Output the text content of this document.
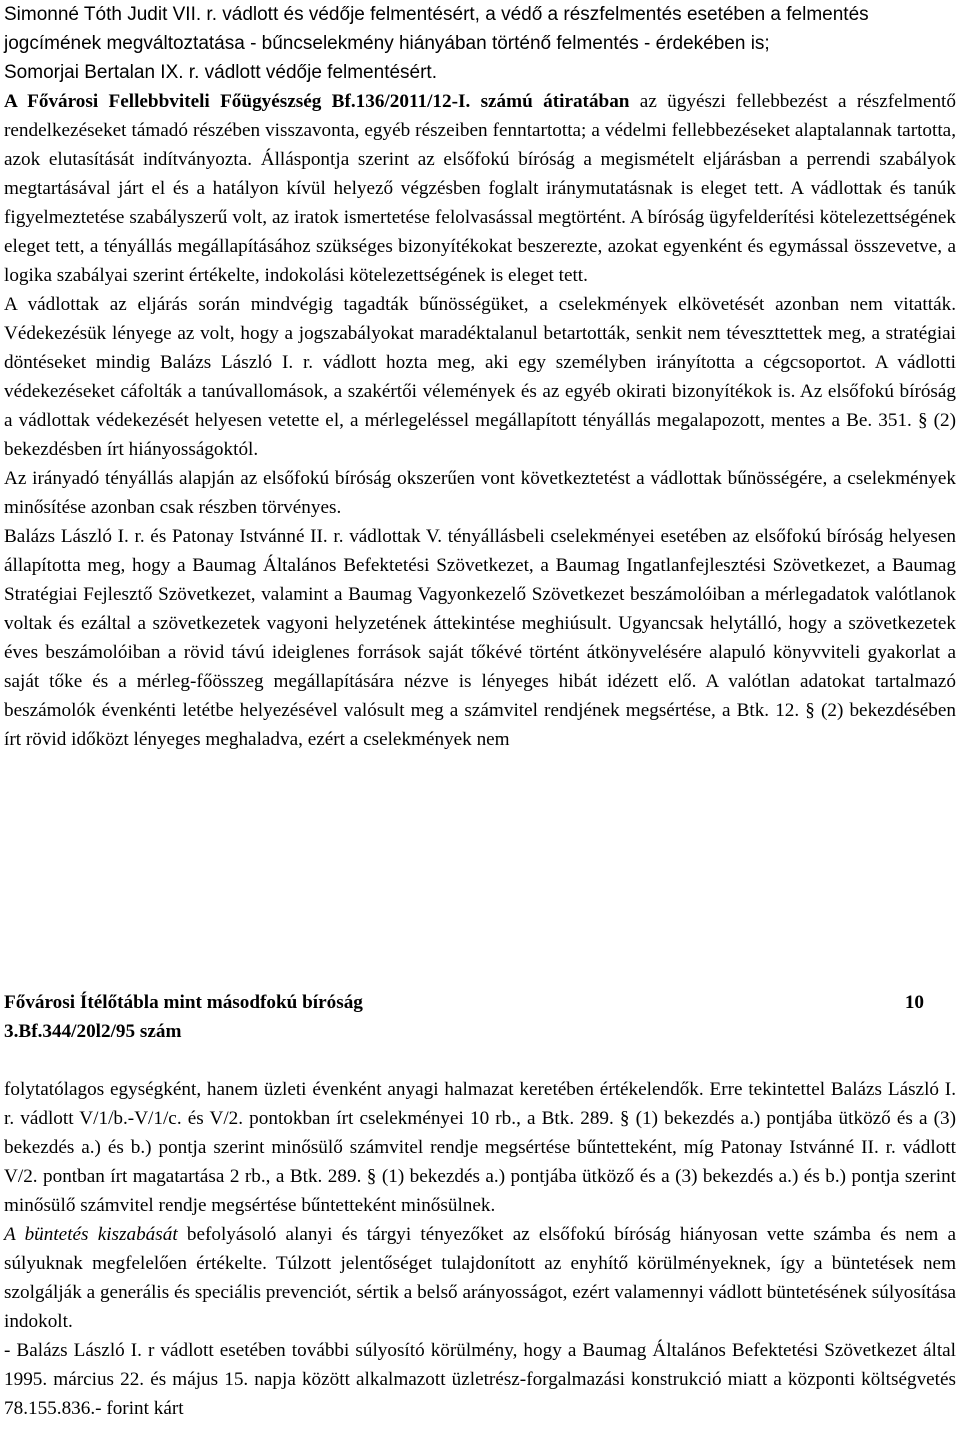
Simonné Tóth Judit VII. r. vádlott és védője felmentésért, a védő a részfelmentés esetében a felmentés jogcímének megváltoztatása - bűncselekmény hiányában történő felmentés - érdekében is;

Somorjai Bertalan IX. r. vádlott védője felmentésért.

A Fővárosi Fellebbviteli Főügyészség Bf.136/2011/12-I. számú átiratában az ügyészi fellebbezést a részfelmentő rendelkezéseket támadó részében visszavonta, egyéb részeiben fenntartotta; a védelmi fellebbezéseket alaptalannak tartotta, azok elutasítását indítványozta. Álláspontja szerint az elsőfokú bíróság a megismételt eljárásban a perrendi szabályok megtartásával járt el és a hatályon kívül helyező végzésben foglalt iránymutatásnak is eleget tett. A vádlottak és tanúk figyelmeztetése szabályszerű volt, az iratok ismertetése felolvasással megtörtént. A bíróság ügyfelderítési kötelezettségének eleget tett, a tényállás megállapításához szükséges bizonyítékokat beszerezte, azokat egyenként és egymással összevetve, a logika szabályai szerint értékelte, indokolási kötelezettségének is eleget tett.

A vádlottak az eljárás során mindvégig tagadták bűnösségüket, a cselekmények elkövetését azonban nem vitatták. Védekezésük lényege az volt, hogy a jogszabályokat maradéktalanul betartották, senkit nem téveszttettek meg, a stratégiai döntéseket mindig Balázs László I. r. vádlott hozta meg, aki egy személyben irányította a cégcsoportot. A vádlotti védekezéseket cáfolták a tanúvallomások, a szakértői vélemények és az egyéb okirati bizonyítékok is. Az elsőfokú bíróság a vádlottak védekezését helyesen vetette el, a mérlegeléssel megállapított tényállás megalapozott, mentes a Be. 351. § (2) bekezdésben írt hiányosságoktól.

Az irányadó tényállás alapján az elsőfokú bíróság okszerűen vont következtetést a vádlottak bűnösségére, a cselekmények minősítése azonban csak részben törvényes.

Balázs László I. r. és Patonay Istvánné II. r. vádlottak V. tényállásbeli cselekményei esetében az elsőfokú bíróság helyesen állapította meg, hogy a Baumag Általános Befektetési Szövetkezet, a Baumag Ingatlanfejlesztési Szövetkezet, a Baumag Stratégiai Fejlesztő Szövetkezet, valamint a Baumag Vagyonkezelő Szövetkezet beszámolóiban a mérlegadatok valótlanok voltak és ezáltal a szövetkezetek vagyoni helyzetének áttekintése meghiúsult. Ugyancsak helytálló, hogy a szövetkezetek éves beszámolóiban a rövid távú ideiglenes források saját tőkévé történt átkönyvelésére alapuló könyvviteli gyakorlat a saját tőke és a mérleg-főösszeg megállapítására nézve is lényeges hibát idézett elő. A valótlan adatokat tartalmazó beszámolók évenkénti letétbe helyezésével valósult meg a számvitel rendjének megsértése, a Btk. 12. § (2) bekezdésében írt rövid időközt lényeges meghaladva, ezért a cselekmények nem

Fővárosi Ítélőtábla mint másodfokú bíróság	10
3.Bf.344/20l2/95 szám

folytatólagos egységként, hanem üzleti évenként anyagi halmazat keretében értékelendők. Erre tekintettel Balázs László I. r. vádlott V/1/b.-V/1/c. és V/2. pontokban írt cselekményei 10 rb., a Btk. 289. § (1) bekezdés a.) pontjába ütköző és a (3) bekezdés a.) és b.) pontja szerint minősülő számvitel rendje megsértése bűntetteként, míg Patonay Istvánné II. r. vádlott V/2. pontban írt magatartása 2 rb., a Btk. 289. § (1) bekezdés a.) pontjába ütköző és a (3) bekezdés a.) és b.) pontja szerint minősülő számvitel rendje megsértése bűntetteként minősülnek.

A büntetés kiszabását befolyásoló alanyi és tárgyi tényezőket az elsőfokú bíróság hiányosan vette számba és nem a súlyuknak megfelelően értékelte. Túlzott jelentőséget tulajdonított az enyhítő körülményeknek, így a büntetések nem szolgálják a generális és speciális prevenciót, sértik a belső arányosságot, ezért valamennyi vádlott büntetésének súlyosítása indokolt.

- Balázs László I. r vádlott esetében további súlyosító körülmény, hogy a Baumag Általános Befektetési Szövetkezet által 1995. március 22. és május 15. napja között alkalmazott üzletrész-forgalmazási konstrukció miatt a központi költségvetés 78.155.836.- forint kárt
